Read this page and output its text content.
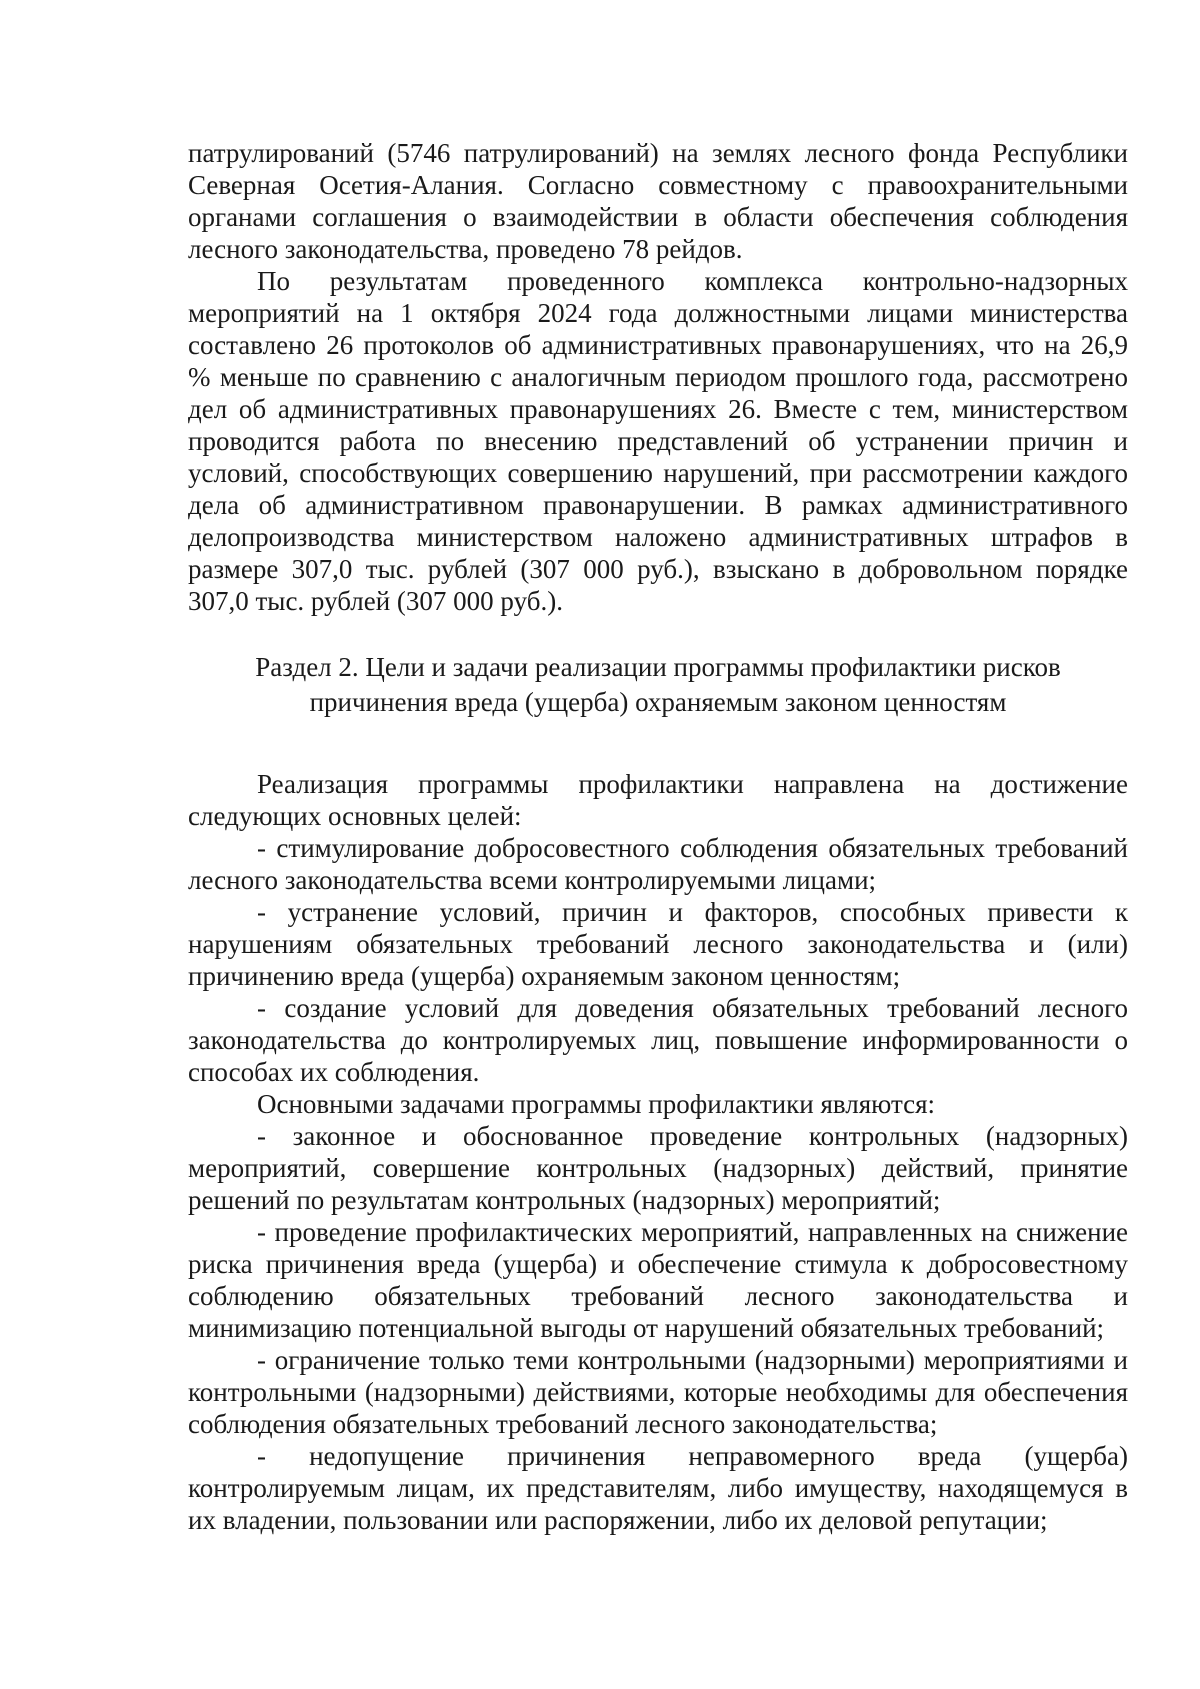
патрулирований (5746 патрулирований) на землях лесного фонда Республики Северная Осетия-Алания. Согласно совместному с правоохранительными органами соглашения о взаимодействии в области обеспечения соблюдения лесного законодательства, проведено 78 рейдов.

По результатам проведенного комплекса контрольно-надзорных мероприятий на 1 октября 2024 года должностными лицами министерства составлено 26 протоколов об административных правонарушениях, что на 26,9 % меньше по сравнению с аналогичным периодом прошлого года, рассмотрено дел об административных правонарушениях 26. Вместе с тем, министерством проводится работа по внесению представлений об устранении причин и условий, способствующих совершению нарушений, при рассмотрении каждого дела об административном правонарушении. В рамках административного делопроизводства министерством наложено административных штрафов в размере 307,0 тыс. рублей (307 000 руб.), взыскано в добровольном порядке 307,0 тыс. рублей (307 000 руб.).

Раздел 2. Цели и задачи реализации программы профилактики рисков
причинения вреда (ущерба) охраняемым законом ценностям

Реализация программы профилактики направлена на достижение следующих основных целей:

- стимулирование добросовестного соблюдения обязательных требований лесного законодательства всеми контролируемыми лицами;

- устранение условий, причин и факторов, способных привести к нарушениям обязательных требований лесного законодательства и (или) причинению вреда (ущерба) охраняемым законом ценностям;

- создание условий для доведения обязательных требований лесного законодательства до контролируемых лиц, повышение информированности о способах их соблюдения.

Основными задачами программы профилактики являются:

- законное и обоснованное проведение контрольных (надзорных) мероприятий, совершение контрольных (надзорных) действий, принятие решений по результатам контрольных (надзорных) мероприятий;

- проведение профилактических мероприятий, направленных на снижение риска причинения вреда (ущерба) и обеспечение стимула к добросовестному соблюдению обязательных требований лесного законодательства и минимизацию потенциальной выгоды от нарушений обязательных требований;

- ограничение только теми контрольными (надзорными) мероприятиями и контрольными (надзорными) действиями, которые необходимы для обеспечения соблюдения обязательных требований лесного законодательства;

- недопущение причинения неправомерного вреда (ущерба) контролируемым лицам, их представителям, либо имуществу, находящемуся в их владении, пользовании или распоряжении, либо их деловой репутации;
